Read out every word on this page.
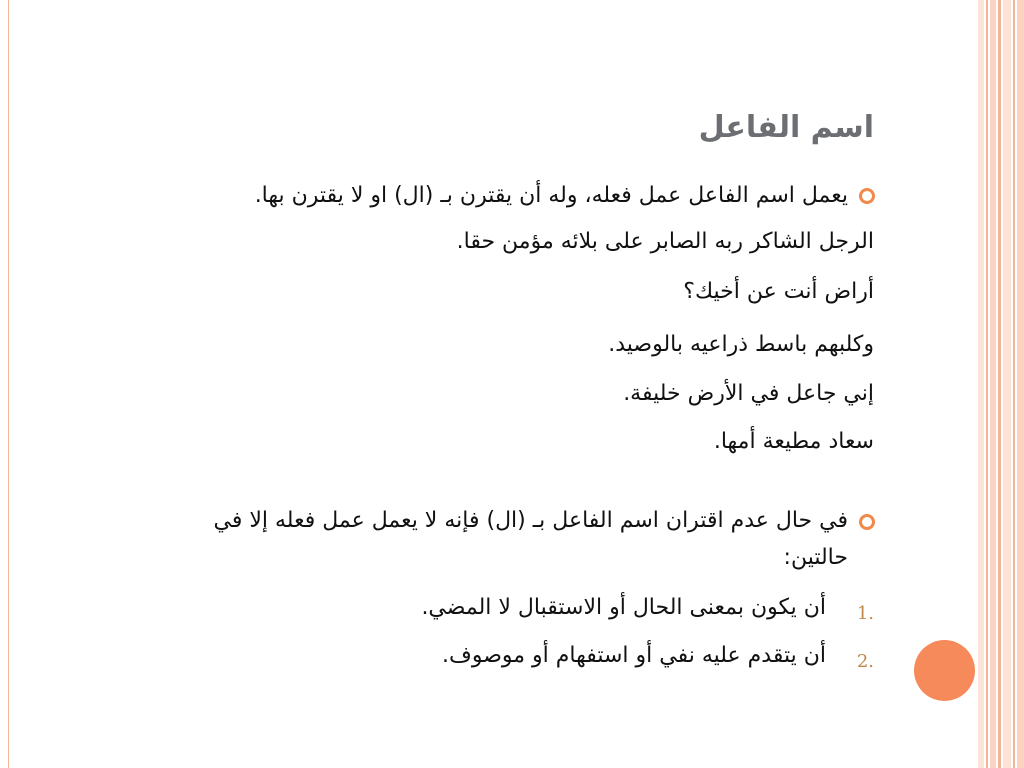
اسم الفاعل
يعمل اسم الفاعل عمل فعله، وله أن يقترن بـ (ال) او لا يقترن بها.
الرجل الشاكر ربه الصابر على بلائه مؤمن حقا.
أراض أنت عن أخيك؟
وكلبهم باسط ذراعيه بالوصيد.
إني جاعل في الأرض خليفة.
سعاد مطيعة أمها.
في حال عدم اقتران اسم الفاعل بـ (ال) فإنه لا يعمل عمل فعله إلا في
حالتين:
1.
أن يكون بمعنى الحال أو الاستقبال لا المضي.
2.
أن يتقدم عليه نفي أو استفهام أو موصوف.
